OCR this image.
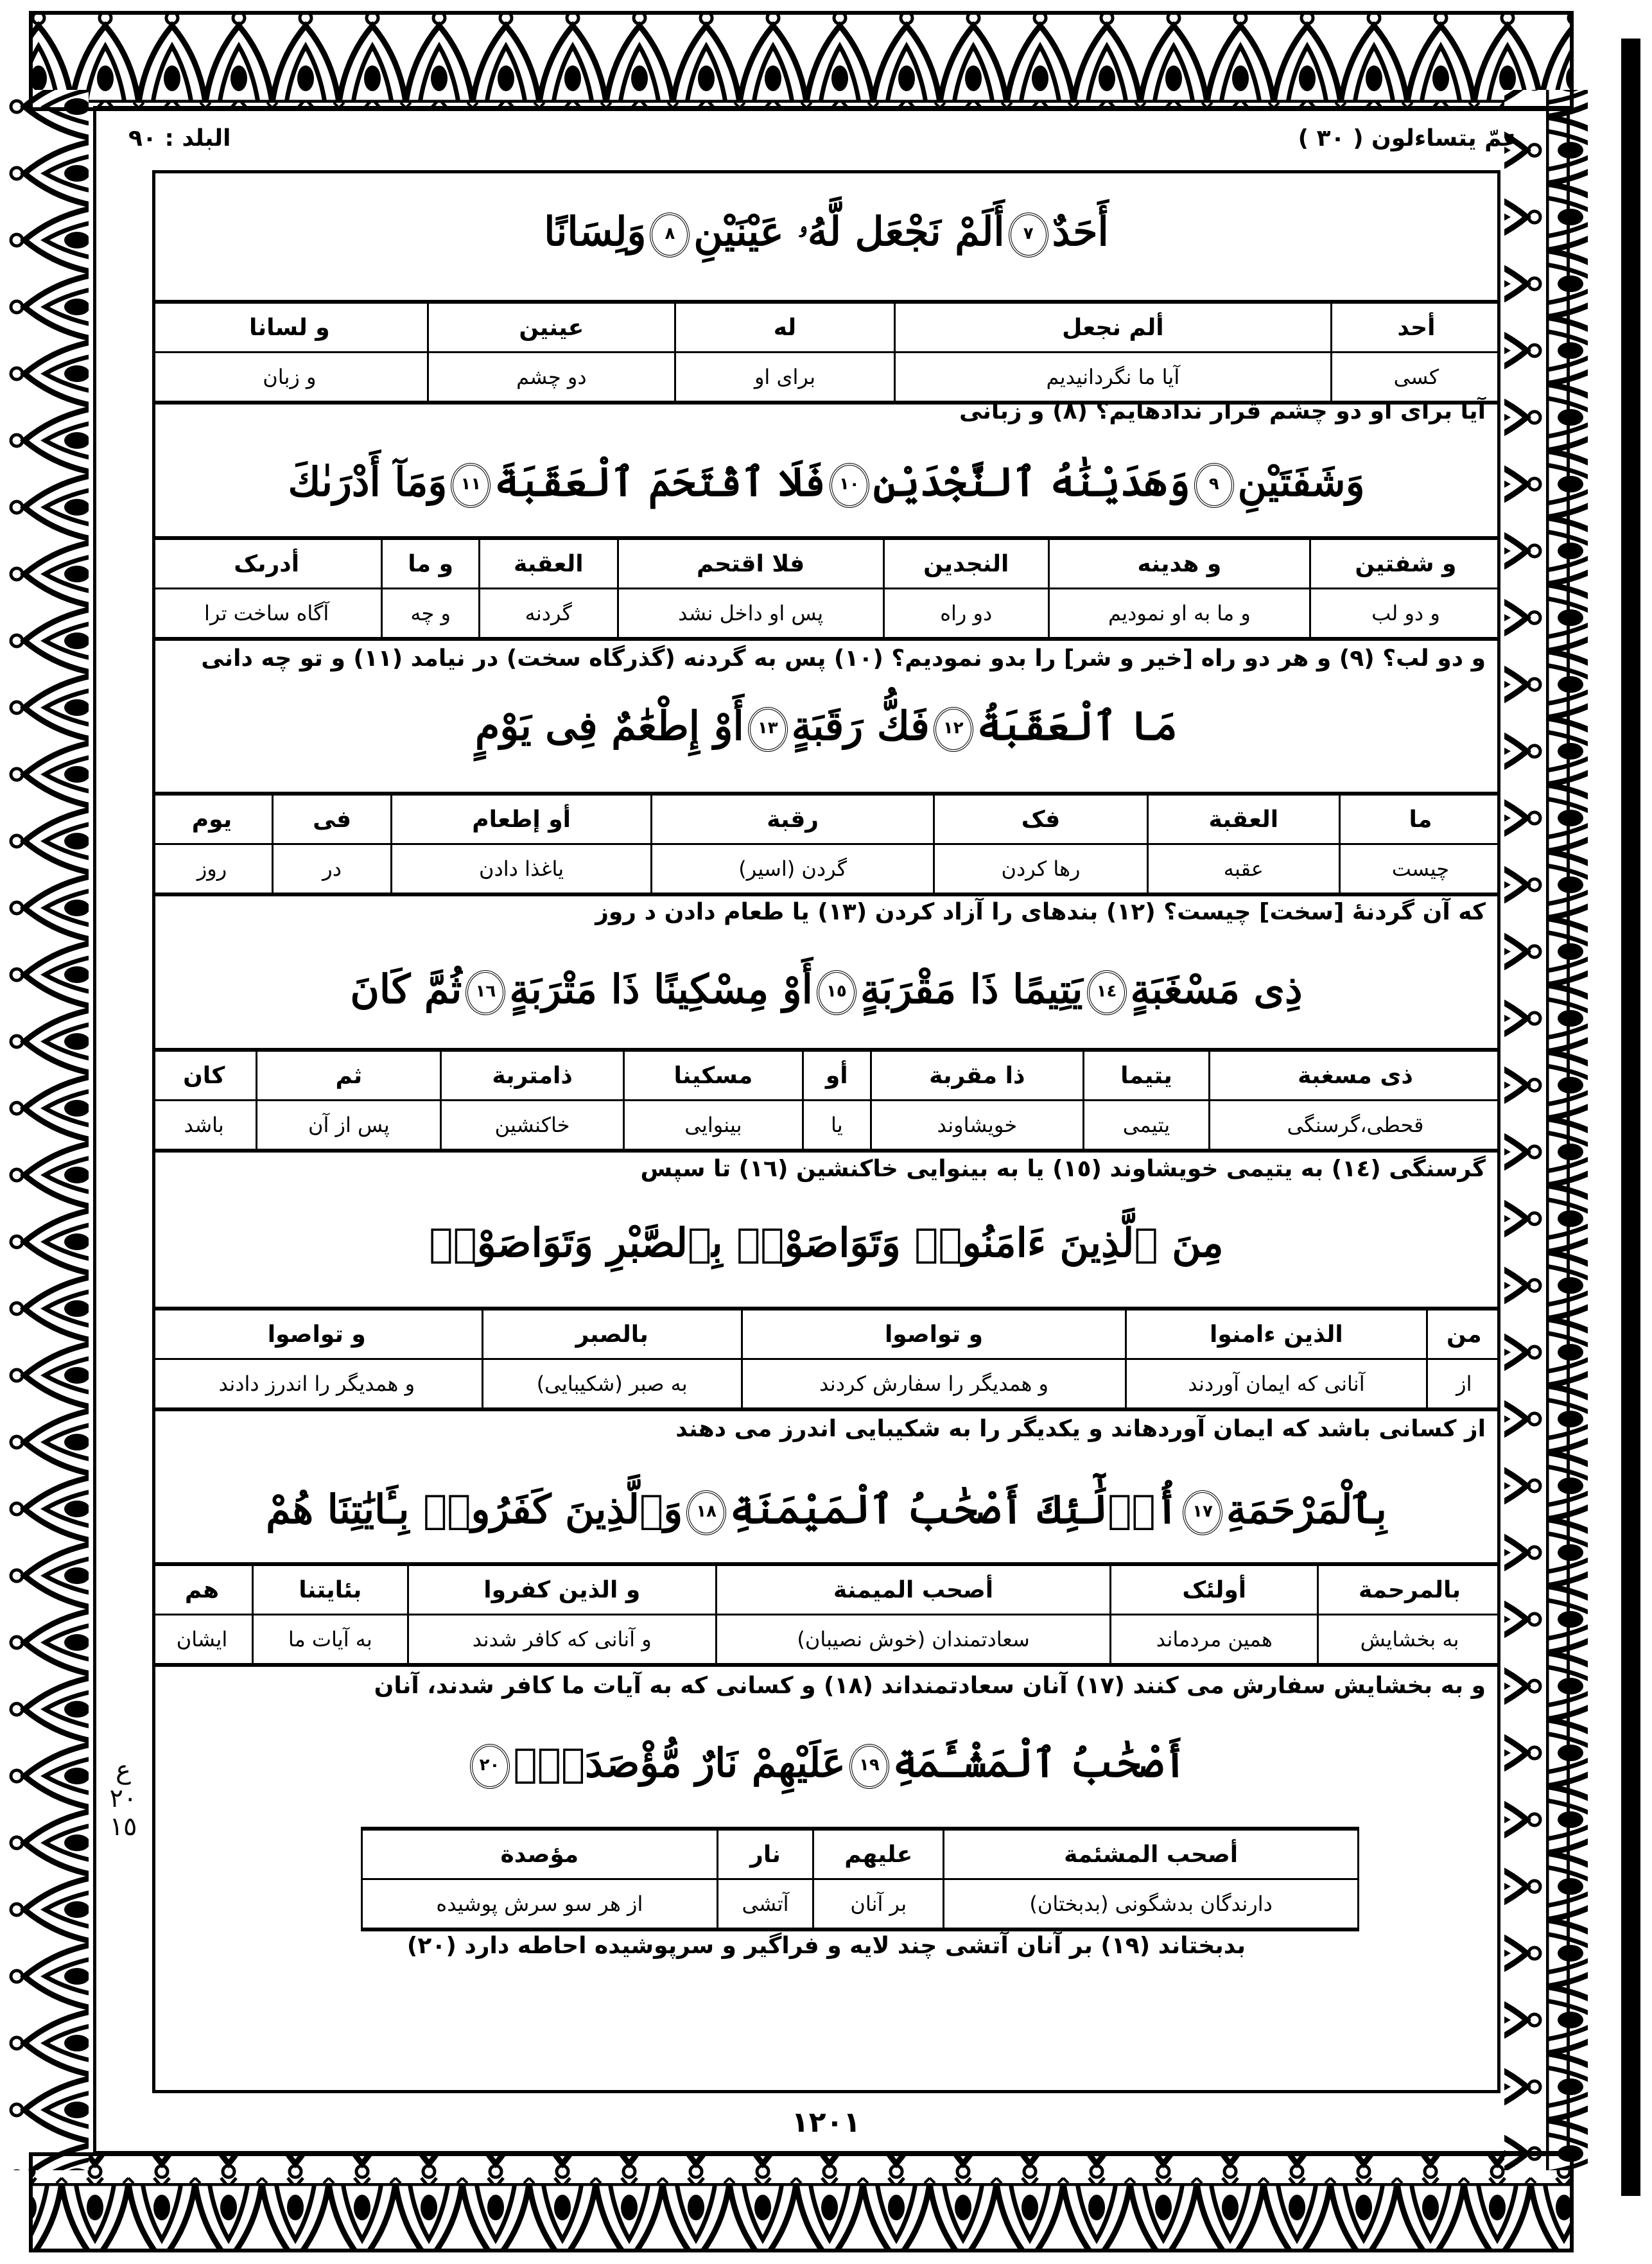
عمّ يتساءلون ( ٣٠ )
البلد : ٩٠
ع
٢٠
١٥
أَحَدٌ٧أَلَمْ نَجْعَل لَّهُۥ عَيْنَيْنِ٨وَلِسَانًا
أحد	ألم نجعل	له	عينين	و لسانا
کسی	آیا ما نگردانیدیم	برای او	دو چشم	و زبان
آیا برای او دو چشم قرار ندادهایم؟ (٨) و زبانی
وَشَفَتَيْنِ٩وَهَدَيْنَٰهُ ٱلنَّجْدَيْنِ١٠فَلَا ٱقْتَحَمَ ٱلْعَقَبَةَ١١وَمَآ أَدْرَىٰكَ
و شفتین	و هدینه	النجدین	فلا اقتحم	العقبة	و ما	أدرىک
و دو لب	و ما به او نمودیم	دو راه	پس او داخل نشد	گردنه	و چه	آگاه ساخت ترا
و دو لب؟ (٩) و هر دو راه [خیر و شر] را بدو نمودیم؟ (١٠) پس به گردنه (گذرگاه سخت) در نیامد (١١) و تو چه دانی
مَا ٱلْعَقَبَةُ١٢فَكُّ رَقَبَةٍ١٣أَوْ إِطْعَٰمٌ فِى يَوْمٍ
ما	العقبة	فک	رقبة	أو إطعام	فی	یوم
چیست	عقبه	رها کردن	گردن (اسیر)	یاغذا دادن	در	روز
که آن گردنۀ [سخت] چیست؟ (١٢) بندهای را آزاد کردن (١٣) یا طعام دادن د روز
ذِى مَسْغَبَةٍ١٤يَتِيمًا ذَا مَقْرَبَةٍ١٥أَوْ مِسْكِينًا ذَا مَتْرَبَةٍ١٦ثُمَّ كَانَ
ذی مسغبة	یتیما	ذا مقربة	أو	مسکینا	ذامتربة	ثم	کان
قحطی،گرسنگی	یتیمی	خویشاوند	یا	بینوایی	خاکنشین	پس از آن	باشد
گرسنگی (١٤) به یتیمی خویشاوند (١٥) یا به بینوایی خاکنشین (١٦) تا سپس
مِنَ ٱلَّذِينَ ءَامَنُوا۟ وَتَوَاصَوْا۟ بِٱلصَّبْرِ وَتَوَاصَوْا۟
من	الذین ءامنوا	و تواصوا	بالصبر	و تواصوا
از	آنانی که ایمان آوردند	و همدیگر را سفارش کردند	به صبر (شکیبایی)	و همدیگر را اندرز دادند
از کسانی باشد که ایمان آوردهاند و یکدیگر را به شکیبایی اندرز می دهند
بِٱلْمَرْحَمَةِ١٧أُو۟لَٰٓئِكَ أَصْحَٰبُ ٱلْمَيْمَنَةِ١٨وَٱلَّذِينَ كَفَرُوا۟ بِـَٔايَٰتِنَا هُمْ
بالمرحمة	أولئک	أصحب المیمنة	و الذین کفروا	بئایتنا	هم
به بخشایش	همین مردماند	سعادتمندان (خوش نصیبان)	و آنانی که کافر شدند	به آیات ما	ایشان
و به بخشایش سفارش می کنند (١٧) آنان سعادتمنداند (١٨) و کسانی که به آیات ما کافر شدند، آنان
أَصْحَٰبُ ٱلْمَشْـَٔمَةِ١٩عَلَيْهِمْ نَارٌ مُّؤْصَدَةٌۢ٢٠
أصحب المشئمة	علیهم	نار	مؤصدة
دارندگان بدشگونی (بدبختان)	بر آنان	آتشی	از هر سو سرش پوشیده
بدبختاند (١٩) بر آنان آتشی چند لایه و فراگیر و سرپوشیده احاطه دارد (٢٠)
١٢٠١
